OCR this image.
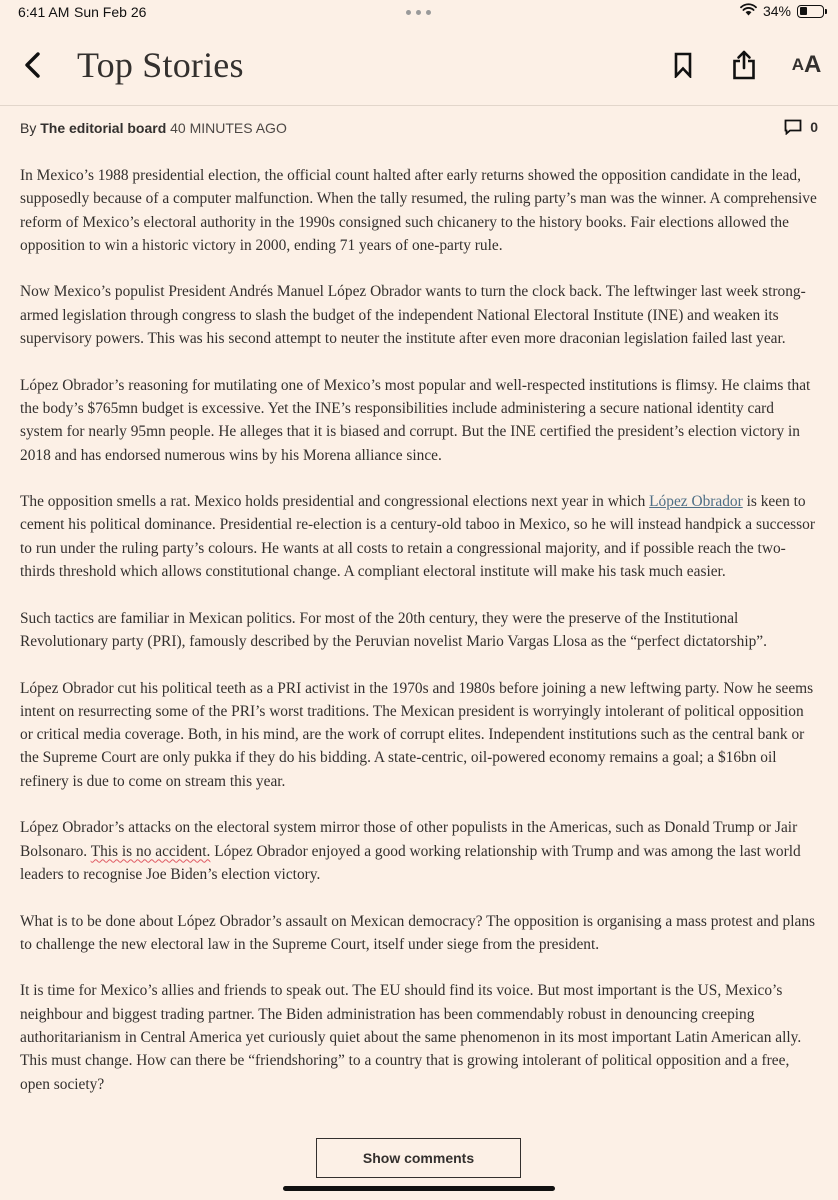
6:41 AM Sun Feb 26	34%
Top Stories	A A
By The editorial board 40 MINUTES AGO	0

In Mexico’s 1988 presidential election, the official count halted after early returns showed the opposition candidate in the lead, supposedly because of a computer malfunction. When the tally resumed, the ruling party’s man was the winner. A comprehensive reform of Mexico’s electoral authority in the 1990s consigned such chicanery to the history books. Fair elections allowed the opposition to win a historic victory in 2000, ending 71 years of one-party rule.

Now Mexico’s populist President Andrés Manuel López Obrador wants to turn the clock back. The leftwinger last week strong-armed legislation through congress to slash the budget of the independent National Electoral Institute (INE) and weaken its supervisory powers. This was his second attempt to neuter the institute after even more draconian legislation failed last year.

López Obrador’s reasoning for mutilating one of Mexico’s most popular and well-respected institutions is flimsy. He claims that the body’s $765mn budget is excessive. Yet the INE’s responsibilities include administering a secure national identity card system for nearly 95mn people. He alleges that it is biased and corrupt. But the INE certified the president’s election victory in 2018 and has endorsed numerous wins by his Morena alliance since.

The opposition smells a rat. Mexico holds presidential and congressional elections next year in which López Obrador is keen to cement his political dominance. Presidential re-election is a century-old taboo in Mexico, so he will instead handpick a successor to run under the ruling party’s colours. He wants at all costs to retain a congressional majority, and if possible reach the two-thirds threshold which allows constitutional change. A compliant electoral institute will make his task much easier.

Such tactics are familiar in Mexican politics. For most of the 20th century, they were the preserve of the Institutional Revolutionary party (PRI), famously described by the Peruvian novelist Mario Vargas Llosa as the “perfect dictatorship”.

López Obrador cut his political teeth as a PRI activist in the 1970s and 1980s before joining a new leftwing party. Now he seems intent on resurrecting some of the PRI’s worst traditions. The Mexican president is worryingly intolerant of political opposition or critical media coverage. Both, in his mind, are the work of corrupt elites. Independent institutions such as the central bank or the Supreme Court are only pukka if they do his bidding. A state-centric, oil-powered economy remains a goal; a $16bn oil refinery is due to come on stream this year.

López Obrador’s attacks on the electoral system mirror those of other populists in the Americas, such as Donald Trump or Jair Bolsonaro. This is no accident. López Obrador enjoyed a good working relationship with Trump and was among the last world leaders to recognise Joe Biden’s election victory.

What is to be done about López Obrador’s assault on Mexican democracy? The opposition is organising a mass protest and plans to challenge the new electoral law in the Supreme Court, itself under siege from the president.

It is time for Mexico’s allies and friends to speak out. The EU should find its voice. But most important is the US, Mexico’s neighbour and biggest trading partner. The Biden administration has been commendably robust in denouncing creeping authoritarianism in Central America yet curiously quiet about the same phenomenon in its most important Latin American ally. This must change. How can there be “friendshoring” to a country that is growing intolerant of political opposition and a free, open society?

Show comments
